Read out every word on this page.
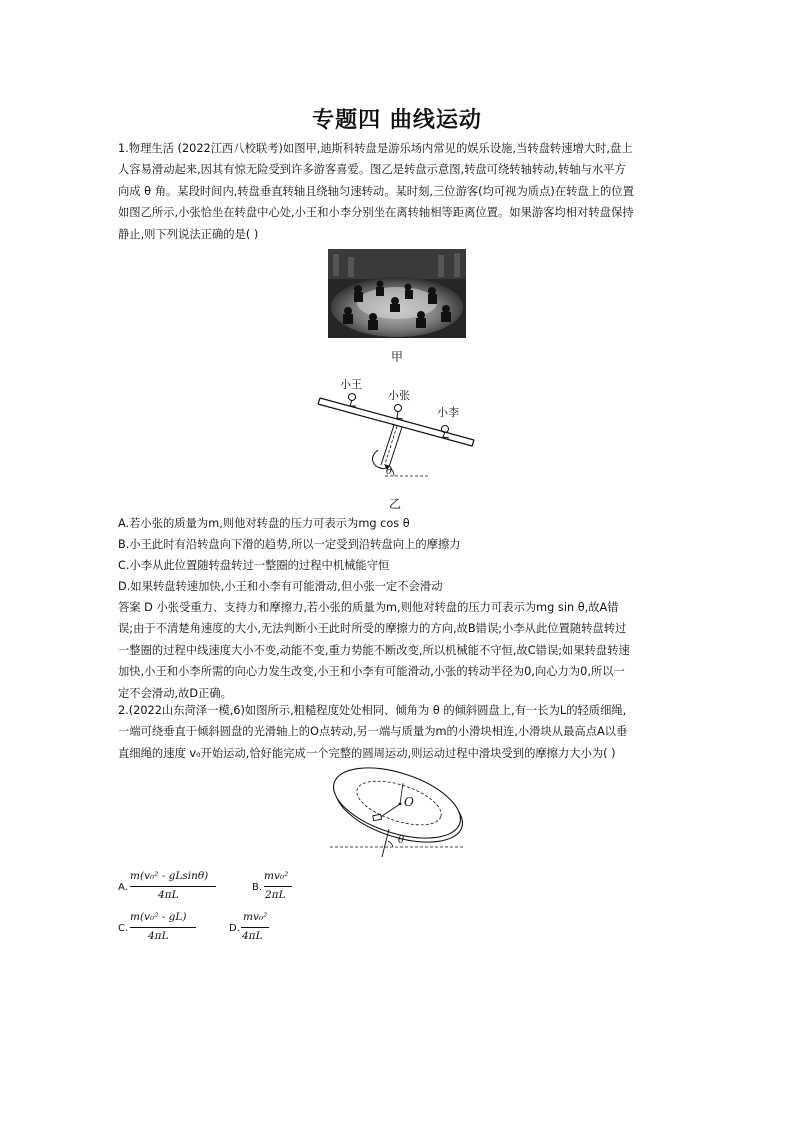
专题四 曲线运动
1.物理生活 (2022江西八校联考)如图甲,迪斯科转盘是游乐场内常见的娱乐设施,当转盘转速增大时,盘上
人容易滑动起来,因其有惊无险受到许多游客喜爱。图乙是转盘示意图,转盘可绕转轴转动,转轴与水平方
向成 θ 角。某段时间内,转盘垂直转轴且绕轴匀速转动。某时刻,三位游客(均可视为质点)在转盘上的位置
如图乙所示,小张恰坐在转盘中心处,小王和小李分别坐在离转轴相等距离位置。如果游客均相对转盘保持
静止,则下列说法正确的是( )
甲
小王
小张
小李
θ
乙
A.若小张的质量为m,则他对转盘的压力可表示为mg cos θ
B.小王此时有沿转盘向下滑的趋势,所以一定受到沿转盘向上的摩擦力
C.小李从此位置随转盘转过一整圈的过程中机械能守恒
D.如果转盘转速加快,小王和小李有可能滑动,但小张一定不会滑动
答案 D 小张受重力、支持力和摩擦力,若小张的质量为m,则他对转盘的压力可表示为mg sin θ,故A错
误;由于不清楚角速度的大小,无法判断小王此时所受的摩擦力的方向,故B错误;小李从此位置随转盘转过
一整圈的过程中线速度大小不变,动能不变,重力势能不断改变,所以机械能不守恒,故C错误;如果转盘转速
加快,小王和小李所需的向心力发生改变,小王和小李有可能滑动,小张的转动半径为0,向心力为0,所以一
定不会滑动,故D正确。
2.(2022山东菏泽一模,6)如图所示,粗糙程度处处相同、倾角为 θ 的倾斜圆盘上,有一长为L的轻质细绳,
一端可绕垂直于倾斜圆盘的光滑轴上的O点转动,另一端与质量为m的小滑块相连,小滑块从最高点A以垂
直细绳的速度 v₀开始运动,恰好能完成一个完整的圆周运动,则运动过程中滑块受到的摩擦力大小为( )
O
θ
A.
m(v₀² - gLsinθ)
4πL
B.
mv₀²
2πL
C.
m(v₀² - gL)
4πL
D.
mv₀²
4πL
